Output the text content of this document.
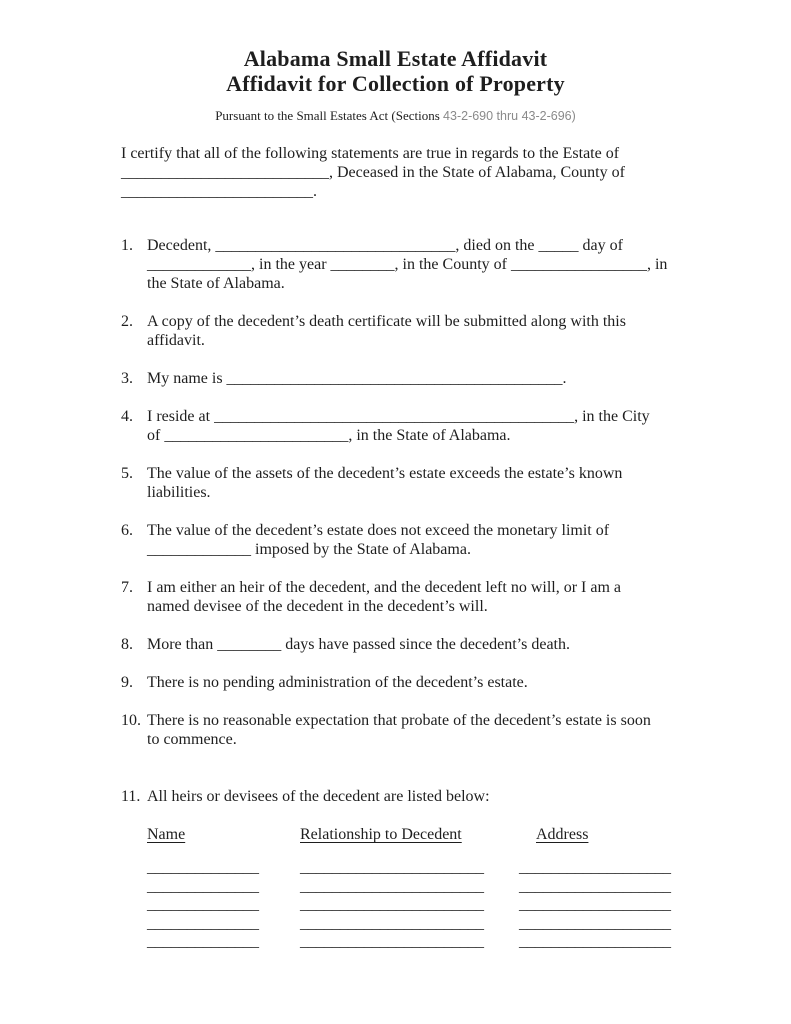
Alabama Small Estate Affidavit
Affidavit for Collection of Property
Pursuant to the Small Estates Act (Sections 43-2-690 thru 43-2-696)
I certify that all of the following statements are true in regards to the Estate of
__________________________, Deceased in the State of Alabama, County of
________________________.
1. Decedent, ______________________________, died on the _____ day of
_____________, in the year ________, in the County of _________________, in
the State of Alabama.
2. A copy of the decedent’s death certificate will be submitted along with this
affidavit.
3. My name is __________________________________________.
4. I reside at _____________________________________________, in the City
of _______________________, in the State of Alabama.
5. The value of the assets of the decedent’s estate exceeds the estate’s known
liabilities.
6. The value of the decedent’s estate does not exceed the monetary limit of
_____________ imposed by the State of Alabama.
7. I am either an heir of the decedent, and the decedent left no will, or I am a
named devisee of the decedent in the decedent’s will.
8. More than ________ days have passed since the decedent’s death.
9. There is no pending administration of the decedent’s estate.
10. There is no reasonable expectation that probate of the decedent’s estate is soon
to commence.
11. All heirs or devisees of the decedent are listed below:
Name	Relationship to Decedent	Address
______________	_______________________	___________________
______________	_______________________	___________________
______________	_______________________	___________________
______________	_______________________	___________________
______________	_______________________	___________________
